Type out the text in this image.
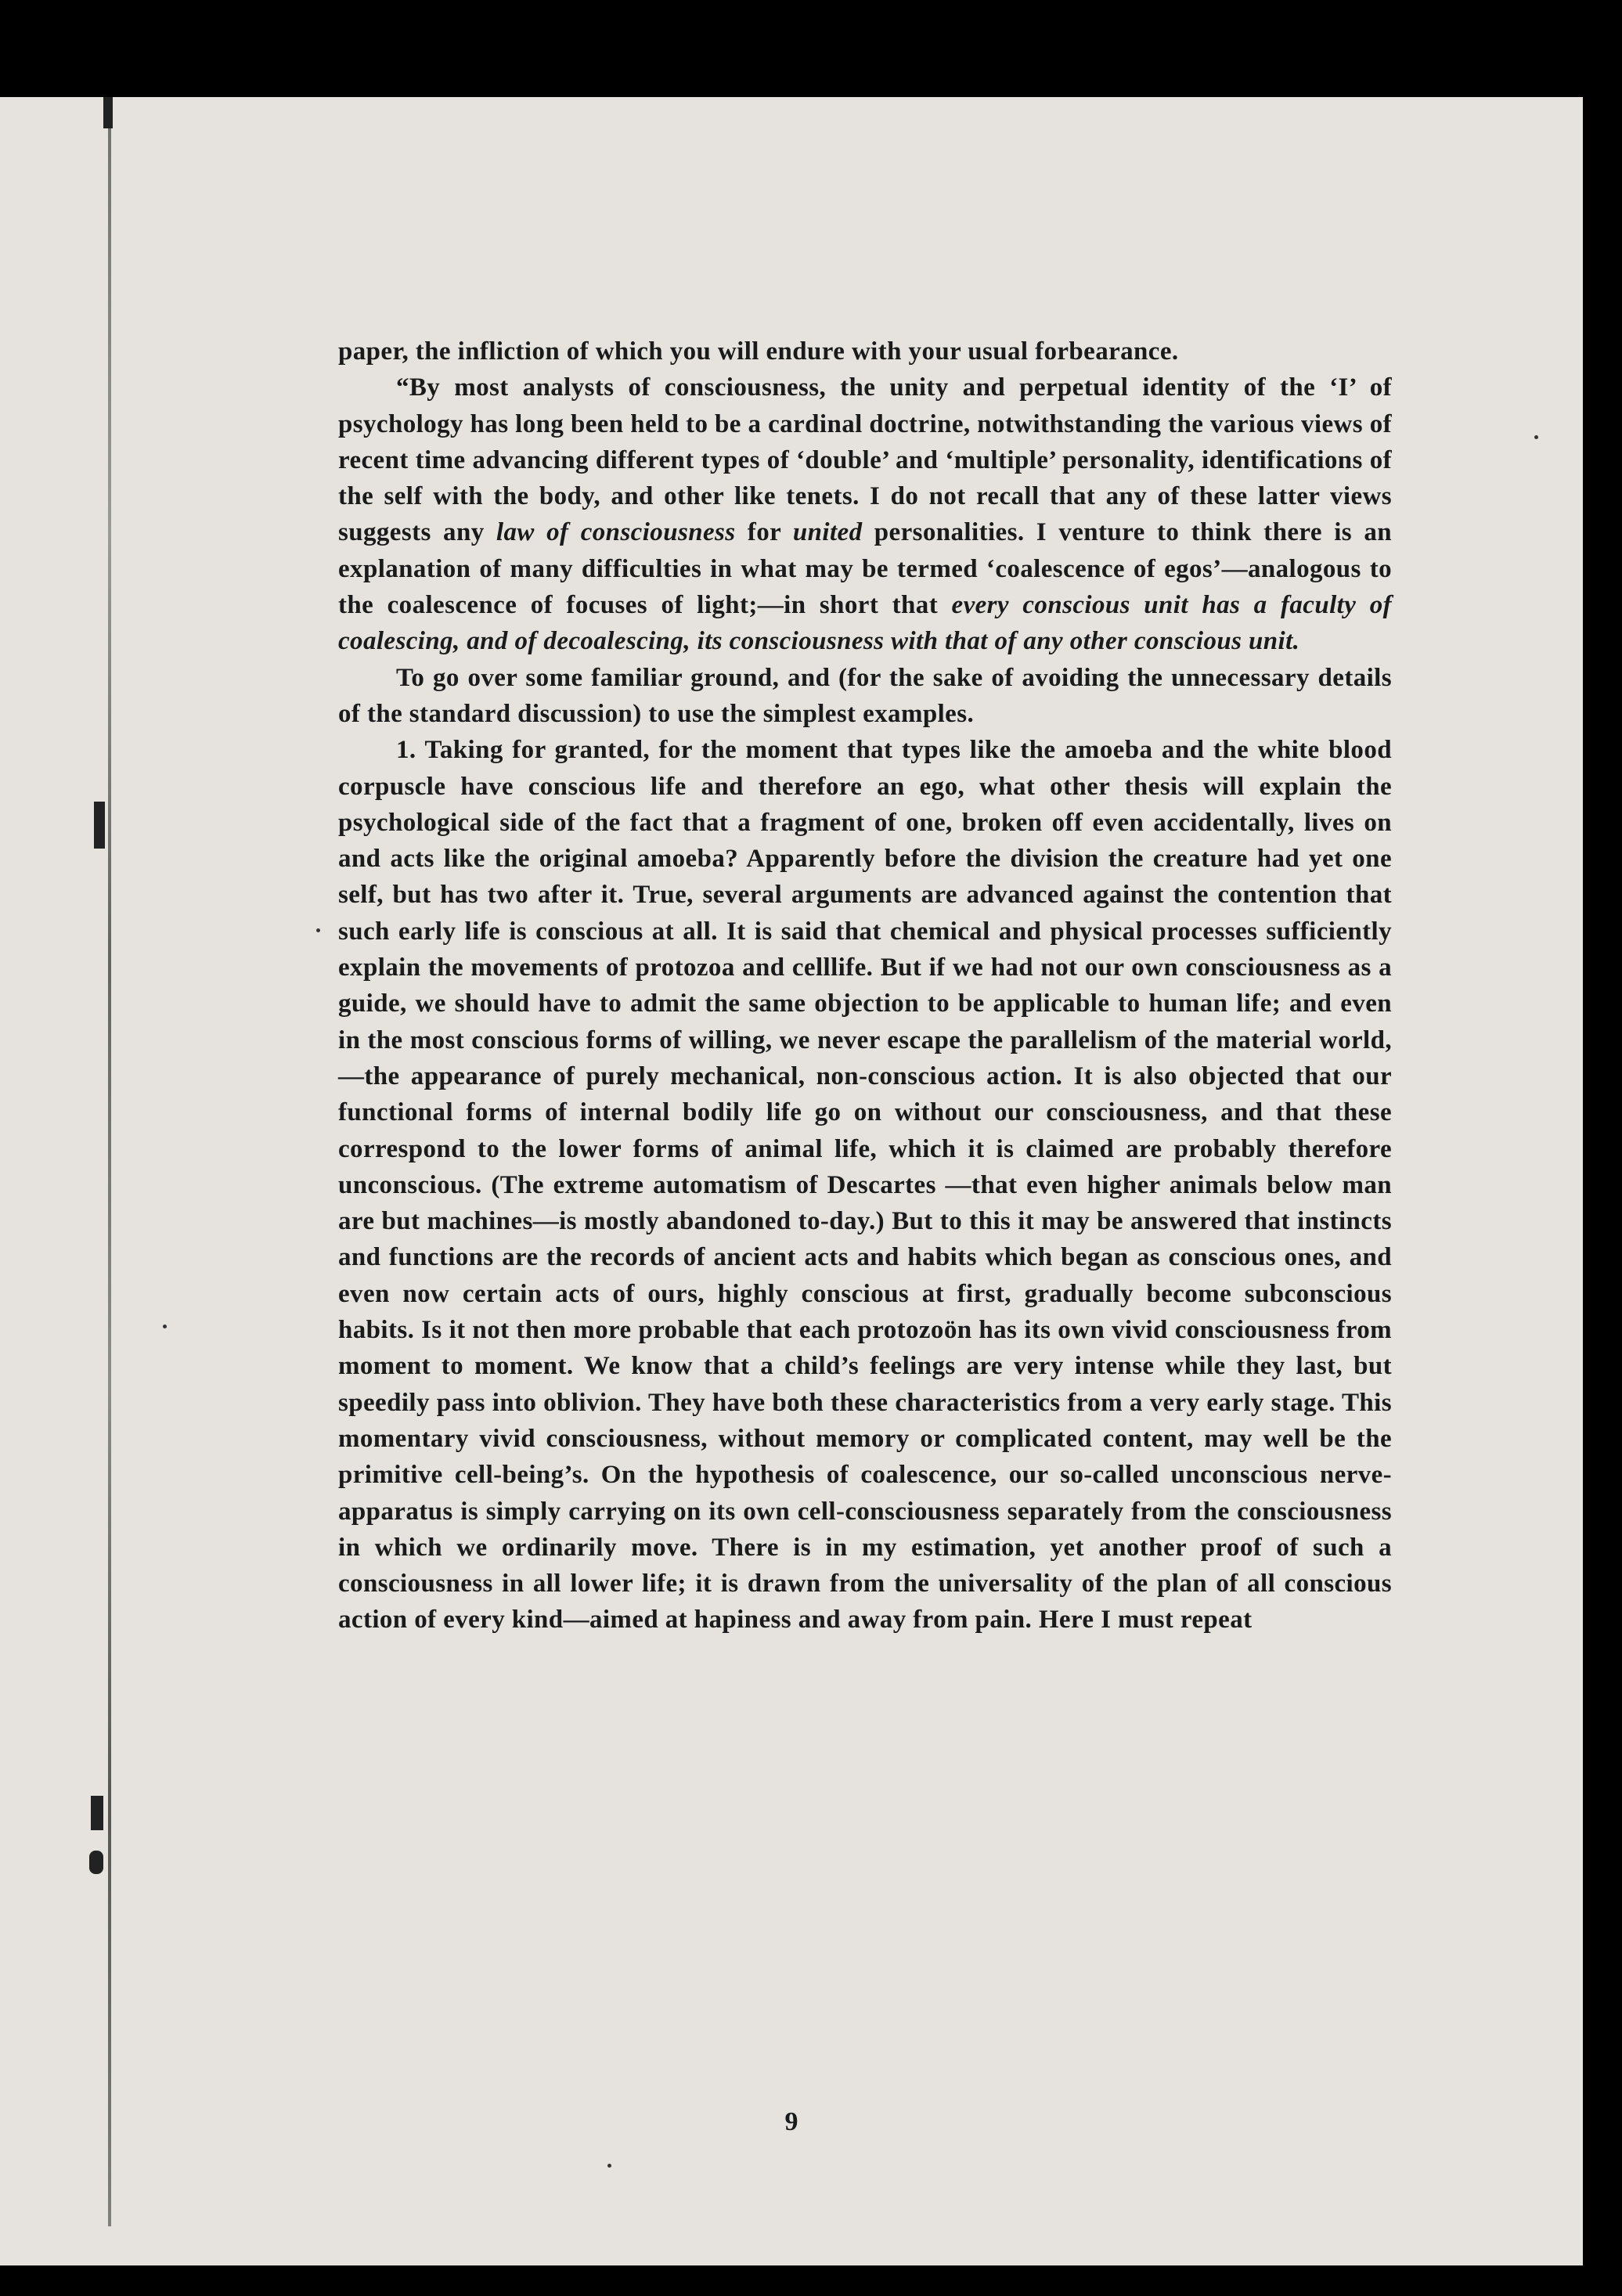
paper, the infliction of which you will endure with your usual forbearance.

“By most analysts of consciousness, the unity and perpetual identity of the ‘I’ of psychology has long been held to be a cardinal doctrine, notwithstanding the various views of recent time advancing different types of ‘double’ and ‘multiple’ personality, identifications of the self with the body, and other like tenets. I do not recall that any of these latter views suggests any law of consciousness for united personalities. I venture to think there is an explanation of many difficulties in what may be termed ‘coalescence of egos’—analogous to the coalescence of focuses of light;—in short that every conscious unit has a faculty of coalescing, and of decoalescing, its consciousness with that of any other conscious unit.

To go over some familiar ground, and (for the sake of avoiding the unnecessary details of the standard discussion) to use the simplest examples.

1. Taking for granted, for the moment that types like the amoeba and the white blood corpuscle have conscious life and therefore an ego, what other thesis will explain the psychological side of the fact that a fragment of one, broken off even accidentally, lives on and acts like the original amoeba? Apparently before the division the creature had yet one self, but has two after it. True, several arguments are advanced against the contention that such early life is conscious at all. It is said that chemical and physical processes sufficiently explain the movements of protozoa and celllife. But if we had not our own consciousness as a guide, we should have to admit the same objection to be applicable to human life; and even in the most conscious forms of willing, we never escape the parallelism of the material world,—the appearance of purely mechanical, non-conscious action. It is also objected that our functional forms of internal bodily life go on without our consciousness, and that these correspond to the lower forms of animal life, which it is claimed are probably therefore unconscious. (The extreme automatism of Descartes —that even higher animals below man are but machines—is mostly abandoned to-day.) But to this it may be answered that instincts and functions are the records of ancient acts and habits which began as conscious ones, and even now certain acts of ours, highly conscious at first, gradually become subconscious habits. Is it not then more probable that each protozoön has its own vivid consciousness from moment to moment. We know that a child’s feelings are very intense while they last, but speedily pass into oblivion. They have both these characteristics from a very early stage. This momentary vivid consciousness, without memory or complicated content, may well be the primitive cell-being’s. On the hypothesis of coalescence, our so-called unconscious nerve-apparatus is simply carrying on its own cell-consciousness separately from the consciousness in which we ordinarily move. There is in my estimation, yet another proof of such a consciousness in all lower life; it is drawn from the universality of the plan of all conscious action of every kind—aimed at hapiness and away from pain. Here I must repeat

9
